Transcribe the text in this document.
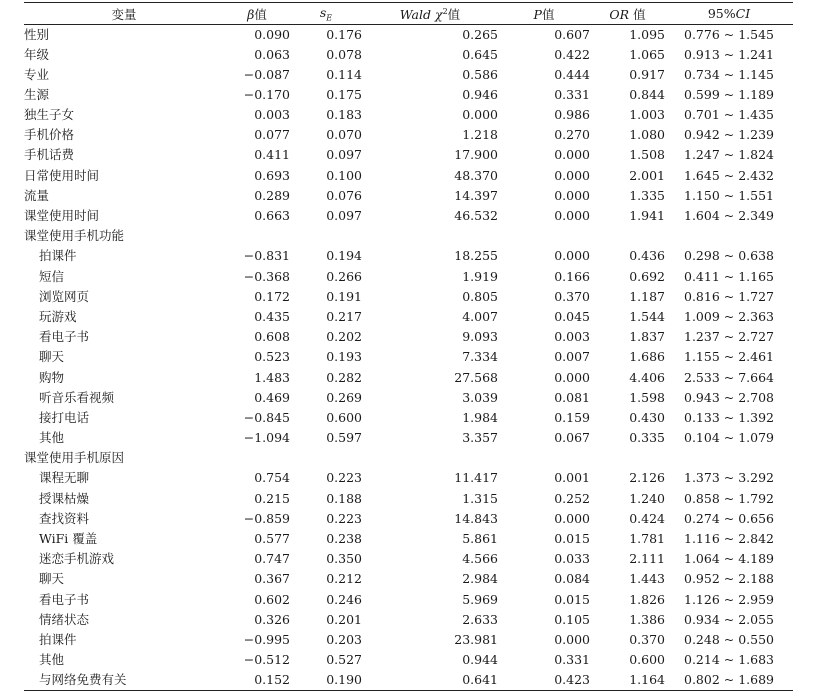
变量	β值	$s_E$	Wald $\chi^2$值	P值	OR 值	95%CI
性别	0.090	0.176	0.265	0.607	1.095	0.776 ~ 1.545
年级	0.063	0.078	0.645	0.422	1.065	0.913 ~ 1.241
专业	−0.087	0.114	0.586	0.444	0.917	0.734 ~ 1.145
生源	−0.170	0.175	0.946	0.331	0.844	0.599 ~ 1.189
独生子女	0.003	0.183	0.000	0.986	1.003	0.701 ~ 1.435
手机价格	0.077	0.070	1.218	0.270	1.080	0.942 ~ 1.239
手机话费	0.411	0.097	17.900	0.000	1.508	1.247 ~ 1.824
日常使用时间	0.693	0.100	48.370	0.000	2.001	1.645 ~ 2.432
流量	0.289	0.076	14.397	0.000	1.335	1.150 ~ 1.551
课堂使用时间	0.663	0.097	46.532	0.000	1.941	1.604 ~ 2.349
课堂使用手机功能						
拍课件	−0.831	0.194	18.255	0.000	0.436	0.298 ~ 0.638
短信	−0.368	0.266	1.919	0.166	0.692	0.411 ~ 1.165
浏览网页	0.172	0.191	0.805	0.370	1.187	0.816 ~ 1.727
玩游戏	0.435	0.217	4.007	0.045	1.544	1.009 ~ 2.363
看电子书	0.608	0.202	9.093	0.003	1.837	1.237 ~ 2.727
聊天	0.523	0.193	7.334	0.007	1.686	1.155 ~ 2.461
购物	1.483	0.282	27.568	0.000	4.406	2.533 ~ 7.664
听音乐看视频	0.469	0.269	3.039	0.081	1.598	0.943 ~ 2.708
接打电话	−0.845	0.600	1.984	0.159	0.430	0.133 ~ 1.392
其他	−1.094	0.597	3.357	0.067	0.335	0.104 ~ 1.079
课堂使用手机原因						
课程无聊	0.754	0.223	11.417	0.001	2.126	1.373 ~ 3.292
授课枯燥	0.215	0.188	1.315	0.252	1.240	0.858 ~ 1.792
查找资料	−0.859	0.223	14.843	0.000	0.424	0.274 ~ 0.656
WiFi 覆盖	0.577	0.238	5.861	0.015	1.781	1.116 ~ 2.842
迷恋手机游戏	0.747	0.350	4.566	0.033	2.111	1.064 ~ 4.189
聊天	0.367	0.212	2.984	0.084	1.443	0.952 ~ 2.188
看电子书	0.602	0.246	5.969	0.015	1.826	1.126 ~ 2.959
情绪状态	0.326	0.201	2.633	0.105	1.386	0.934 ~ 2.055
拍课件	−0.995	0.203	23.981	0.000	0.370	0.248 ~ 0.550
其他	−0.512	0.527	0.944	0.331	0.600	0.214 ~ 1.683
与网络免费有关	0.152	0.190	0.641	0.423	1.164	0.802 ~ 1.689
